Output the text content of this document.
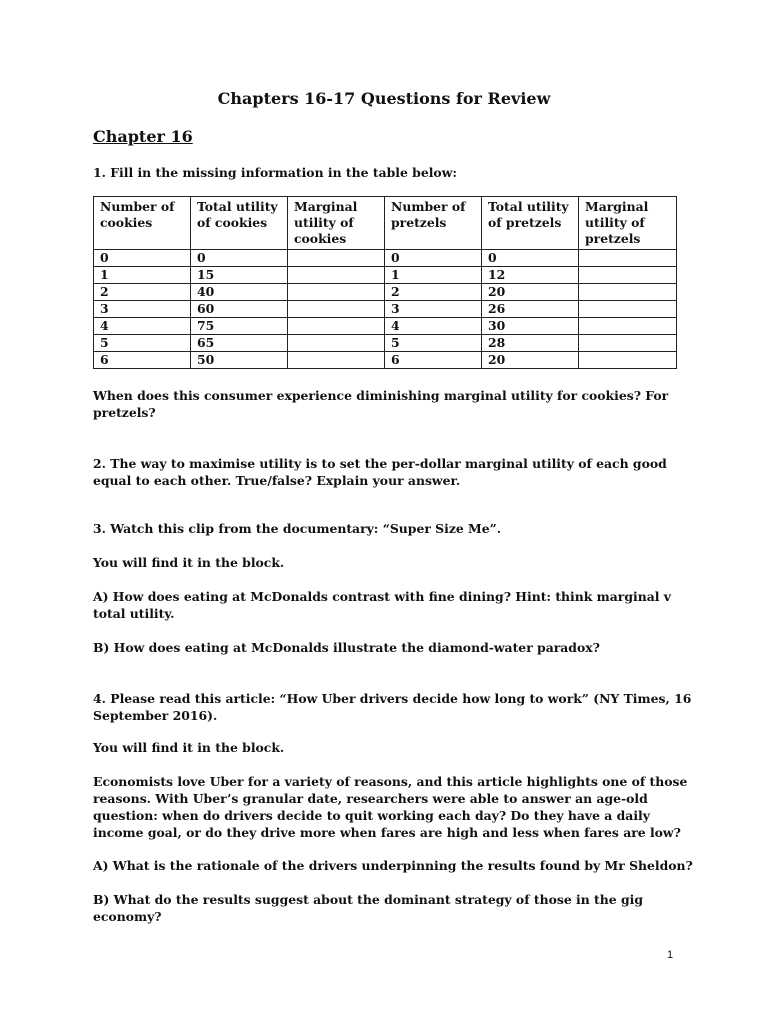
Chapters 16-17 Questions for Review
Chapter 16

1. Fill in the missing information in the table below:

Number of cookies	Total utility of cookies	Marginal utility of cookies	Number of pretzels	Total utility of pretzels	Marginal utility of pretzels
0	0		0	0	
1	15		1	12	
2	40		2	20	
3	60		3	26	
4	75		4	30	
5	65		5	28	
6	50		6	20	

When does this consumer experience diminishing marginal utility for cookies? For pretzels?

2. The way to maximise utility is to set the per-dollar marginal utility of each good equal to each other. True/false? Explain your answer.

3. Watch this clip from the documentary: “Super Size Me”.

You will find it in the block.

A) How does eating at McDonalds contrast with fine dining? Hint: think marginal v total utility.

B) How does eating at McDonalds illustrate the diamond-water paradox?

4. Please read this article: “How Uber drivers decide how long to work” (NY Times, 16 September 2016).

You will find it in the block.

Economists love Uber for a variety of reasons, and this article highlights one of those reasons. With Uber’s granular date, researchers were able to answer an age-old question: when do drivers decide to quit working each day? Do they have a daily income goal, or do they drive more when fares are high and less when fares are low?

A) What is the rationale of the drivers underpinning the results found by Mr Sheldon?

B) What do the results suggest about the dominant strategy of those in the gig economy?

1
